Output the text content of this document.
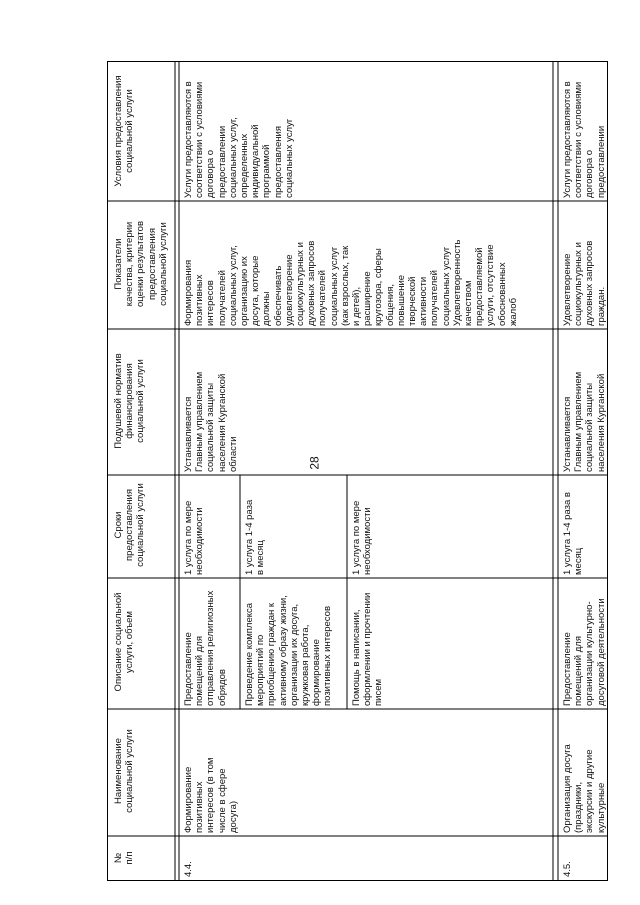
28
№
п/п
Наименование
социальной услуги
Описание социальной
услуги, объем
Сроки
предоставления
социальной услуги
Подушевой норматив
финансирования
социальной услуги
Показатели
качества, критерии
оценки результатов
предоставления
социальной услуги
Условия предоставления
социальной услуги
4.4.
Формирование
позитивных
интересов (в том
числе в сфере
досуга)
Предоставление
помещений для
отправления религиозных
обрядов
1 услуга по мере
необходимости
Проведение комплекса
мероприятий по
приобщению граждан к
активному образу жизни,
организации их досуга,
кружковая работа,
формирование
позитивных интересов
1 услуга 1-4 раза
в месяц
Помощь в написании,
оформлении и прочтении
писем
1 услуга по мере
необходимости
Устанавливается
Главным управлением
социальной защиты
населения Курганской
области
Формирования
позитивных
интересов
получателей
социальных услуг,
организацию их
досуга, которые
должны
обеспечивать
удовлетворение
социокультурных и
духовных запросов
получателей
социальных услуг
(как взрослых, так
и детей),
расширение
кругозора, сферы
общения,
повышение
творческой
активности
получателей
социальных услуг
Удовлетворенность
качеством
предоставляемой
услуги, отсутствие
обоснованных
жалоб
Услуги предоставляются в
соответствии с условиями
договора о
предоставлении
социальных услуг,
определенных
индивидуальной
программой
предоставления
социальных услуг
4.5.
Организация досуга
(праздники,
экскурсии и другие
культурные
Предоставление
помещений для
организации культурно-
досуговой деятельности
1 услуга 1-4 раза в
месяц
Устанавливается
Главным управлением
социальной защиты
населения Курганской
Удовлетворение
социокультурных и
духовных запросов
граждан.
Услуги предоставляются в
соответствии с условиями
договора о
предоставлении
